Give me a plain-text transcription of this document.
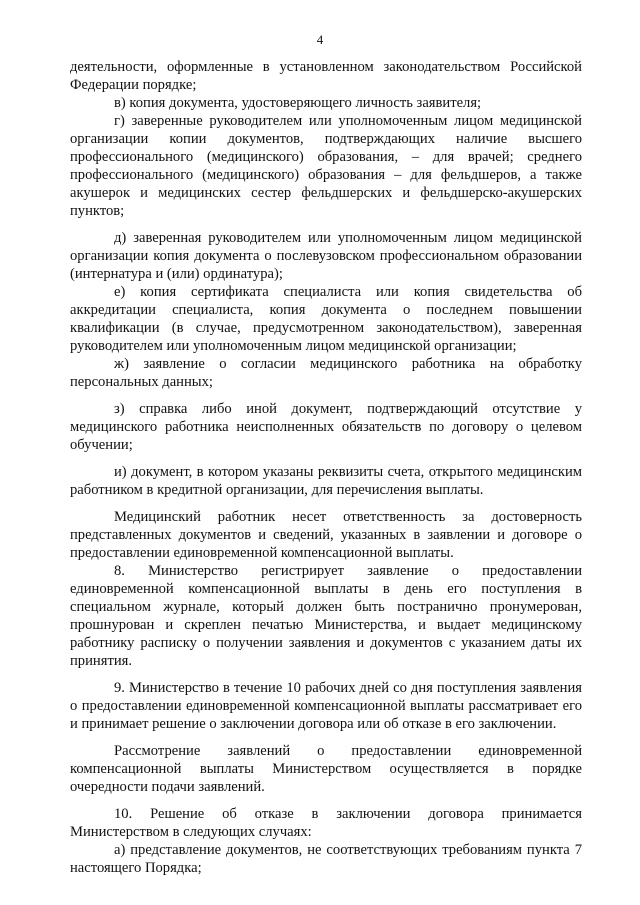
4

деятельности, оформленные в установленном законодательством Российской Федерации порядке;

в) копия документа, удостоверяющего личность заявителя;

г) заверенные руководителем или уполномоченным лицом медицинской организации копии документов, подтверждающих наличие высшего профессионального (медицинского) образования, – для врачей; среднего профессионального (медицинского) образования – для фельдшеров, а также акушерок и медицинских сестер фельдшерских и фельдшерско-акушерских пунктов;

д) заверенная руководителем или уполномоченным лицом медицинской организации копия документа о послевузовском профессиональном образовании (интернатура и (или) ординатура);

е) копия сертификата специалиста или копия свидетельства об аккредитации специалиста, копия документа о последнем повышении квалификации (в случае, предусмотренном законодательством), заверенная руководителем или уполномоченным лицом медицинской организации;

ж) заявление о согласии медицинского работника на обработку персональных данных;

з) справка либо иной документ, подтверждающий отсутствие у медицинского работника неисполненных обязательств по договору о целевом обучении;

и) документ, в котором указаны реквизиты счета, открытого медицинским работником в кредитной организации, для перечисления выплаты.

Медицинский работник несет ответственность за достоверность представленных документов и сведений, указанных в заявлении и договоре о предоставлении единовременной компенсационной выплаты.

8. Министерство регистрирует заявление о предоставлении единовременной компенсационной выплаты в день его поступления в специальном журнале, который должен быть постранично пронумерован, прошнурован и скреплен печатью Министерства, и выдает медицинскому работнику расписку о получении заявления и документов с указанием даты их принятия.

9. Министерство в течение 10 рабочих дней со дня поступления заявления о предоставлении единовременной компенсационной выплаты рассматривает его и принимает решение о заключении договора или об отказе в его заключении.

Рассмотрение заявлений о предоставлении единовременной компенсационной выплаты Министерством осуществляется в порядке очередности подачи заявлений.

10. Решение об отказе в заключении договора принимается Министерством в следующих случаях:

а) представление документов, не соответствующих требованиям пункта 7 настоящего Порядка;
